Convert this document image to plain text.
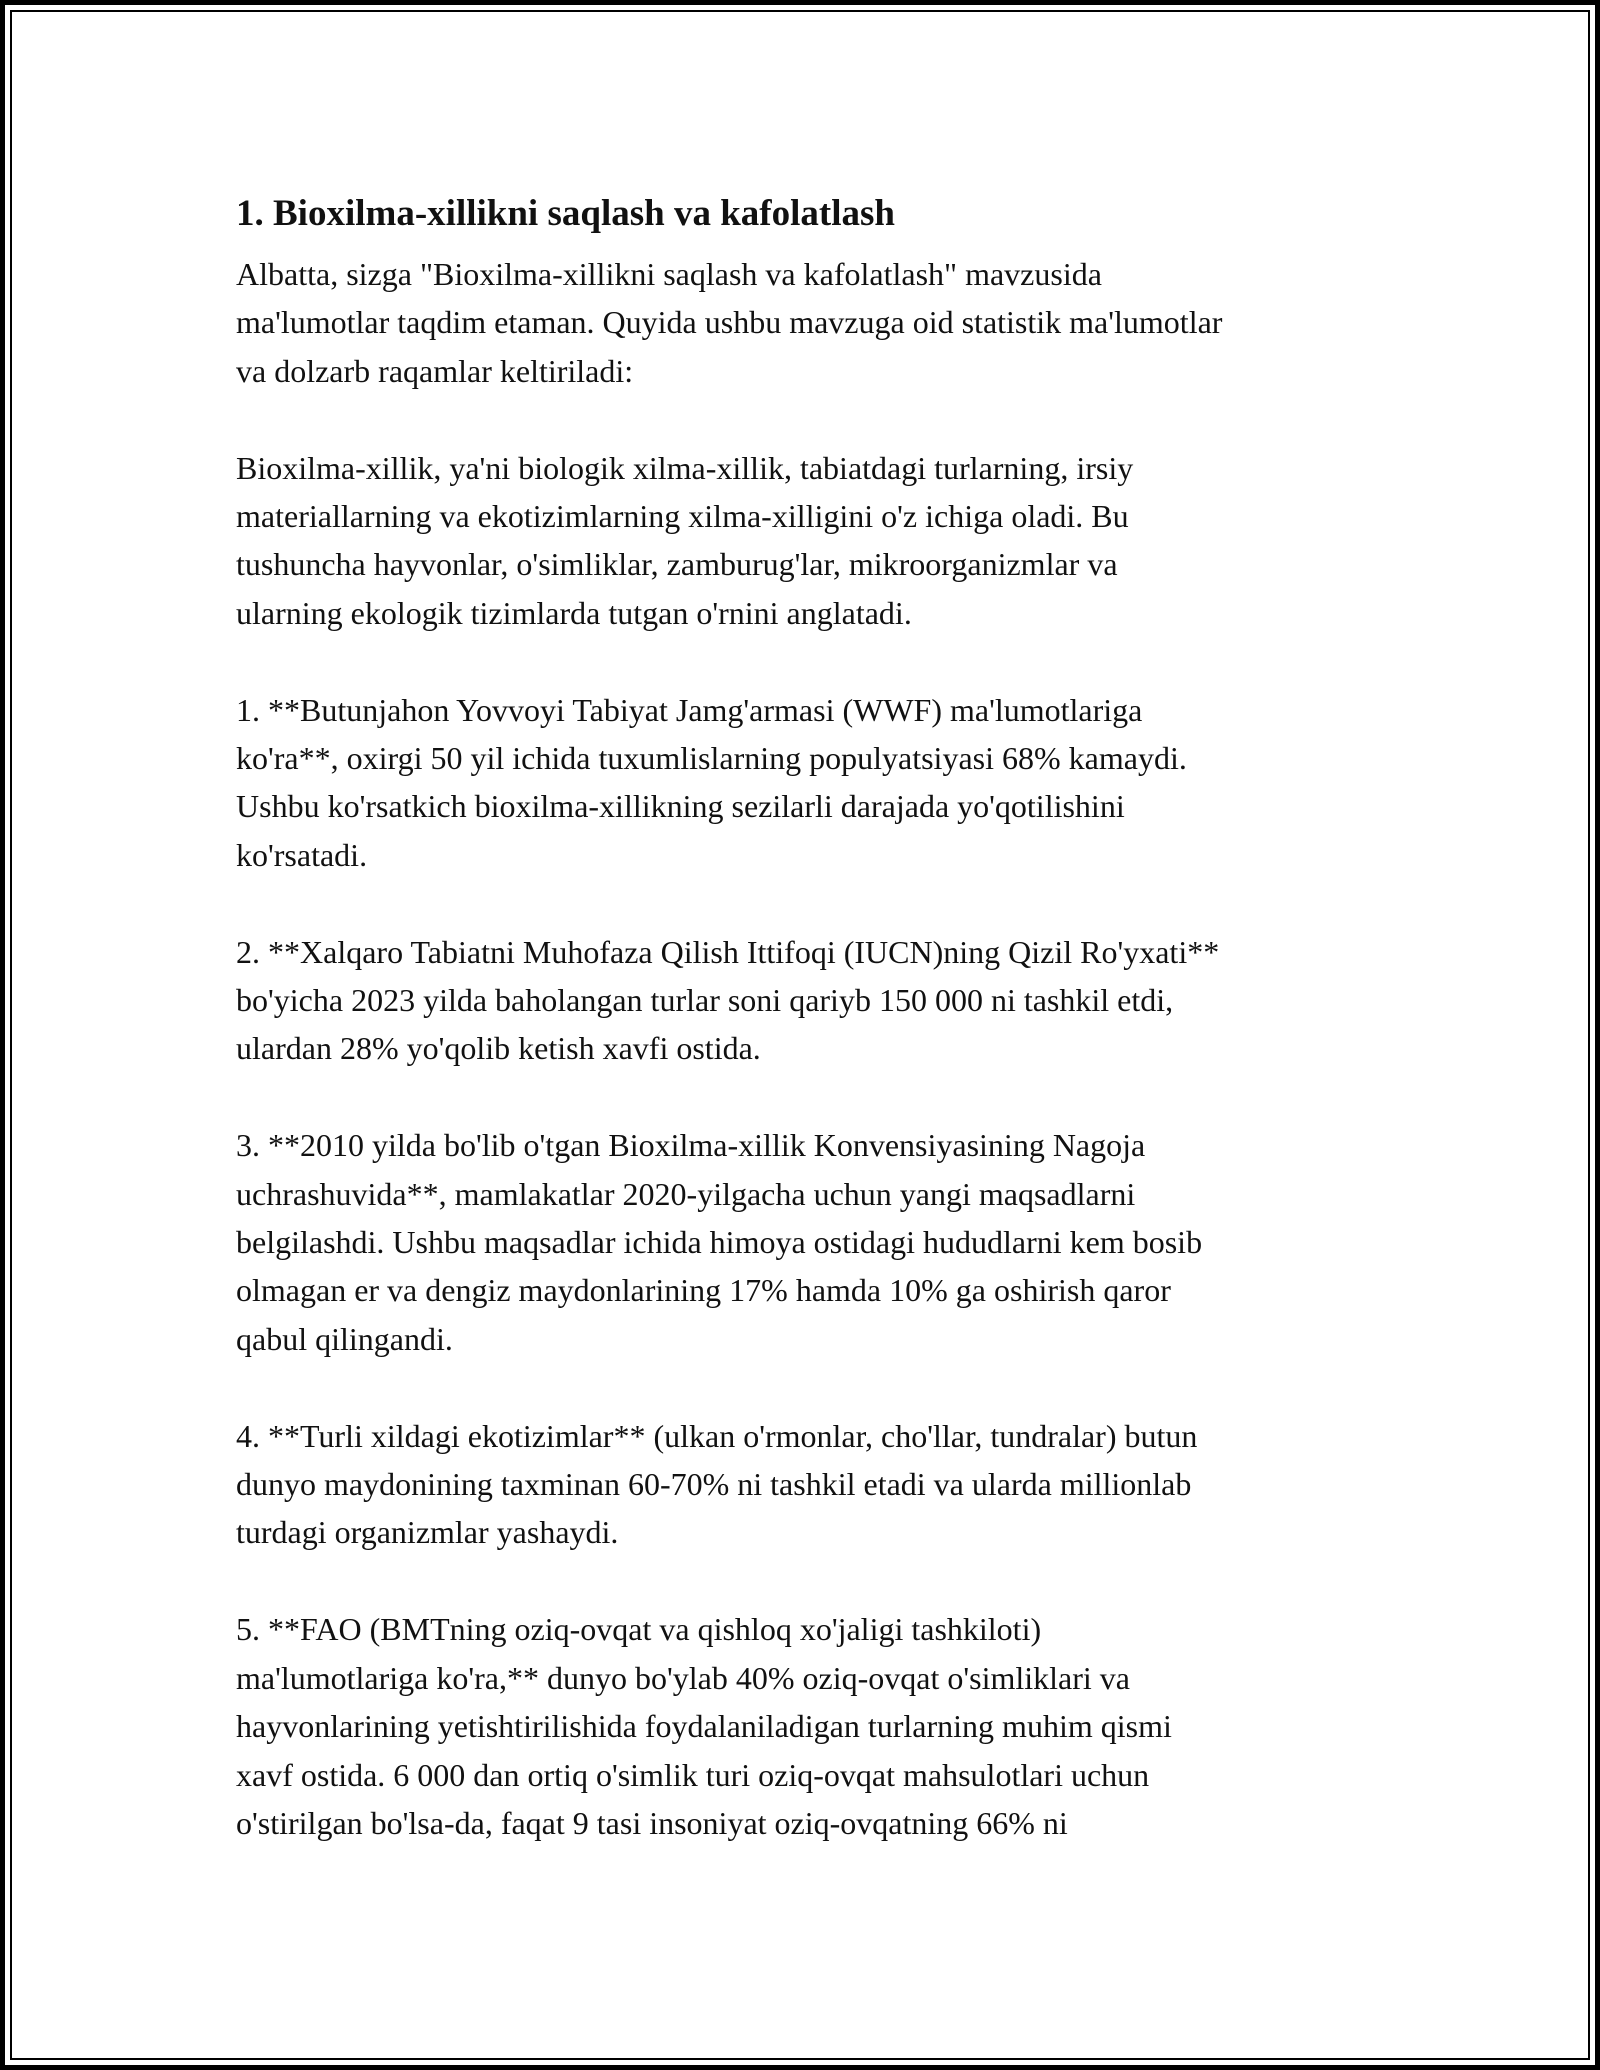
1. Bioxilma-xillikni saqlash va kafolatlash

Albatta, sizga "Bioxilma-xillikni saqlash va kafolatlash" mavzusida
ma'lumotlar taqdim etaman. Quyida ushbu mavzuga oid statistik ma'lumotlar
va dolzarb raqamlar keltiriladi:

Bioxilma-xillik, ya'ni biologik xilma-xillik, tabiatdagi turlarning, irsiy
materiallarning va ekotizimlarning xilma-xilligini o'z ichiga oladi. Bu
tushuncha hayvonlar, o'simliklar, zamburug'lar, mikroorganizmlar va
ularning ekologik tizimlarda tutgan o'rnini anglatadi.

1. **Butunjahon Yovvoyi Tabiyat Jamg'armasi (WWF) ma'lumotlariga
ko'ra**, oxirgi 50 yil ichida tuxumlislarning populyatsiyasi 68% kamaydi.
Ushbu ko'rsatkich bioxilma-xillikning sezilarli darajada yo'qotilishini
ko'rsatadi.

2. **Xalqaro Tabiatni Muhofaza Qilish Ittifoqi (IUCN)ning Qizil Ro'yxati**
bo'yicha 2023 yilda baholangan turlar soni qariyb 150 000 ni tashkil etdi,
ulardan 28% yo'qolib ketish xavfi ostida.

3. **2010 yilda bo'lib o'tgan Bioxilma-xillik Konvensiyasining Nagoja
uchrashuvida**, mamlakatlar 2020-yilgacha uchun yangi maqsadlarni
belgilashdi. Ushbu maqsadlar ichida himoya ostidagi hududlarni kem bosib
olmagan er va dengiz maydonlarining 17% hamda 10% ga oshirish qaror
qabul qilingandi.

4. **Turli xildagi ekotizimlar** (ulkan o'rmonlar, cho'llar, tundralar) butun
dunyo maydonining taxminan 60-70% ni tashkil etadi va ularda millionlab
turdagi organizmlar yashaydi.

5. **FAO (BMTning oziq-ovqat va qishloq xo'jaligi tashkiloti)
ma'lumotlariga ko'ra,** dunyo bo'ylab 40% oziq-ovqat o'simliklari va
hayvonlarining yetishtirilishida foydalaniladigan turlarning muhim qismi
xavf ostida. 6 000 dan ortiq o'simlik turi oziq-ovqat mahsulotlari uchun
o'stirilgan bo'lsa-da, faqat 9 tasi insoniyat oziq-ovqatning 66% ni
